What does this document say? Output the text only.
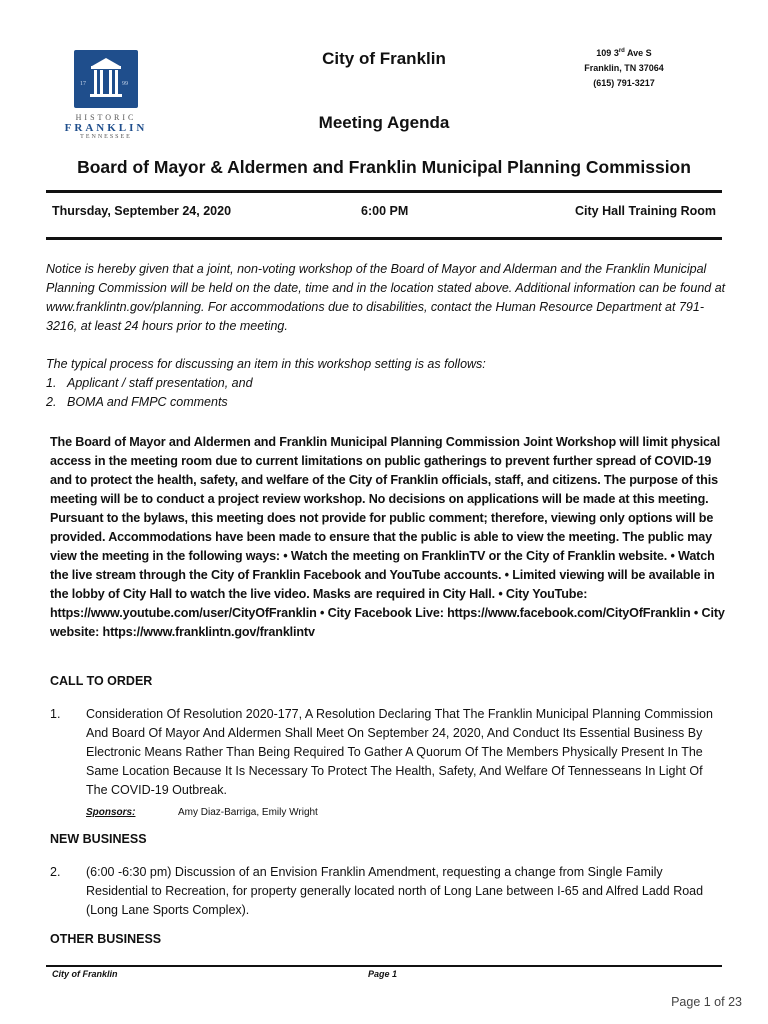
17	99
HISTORIC
FRANKLIN
TENNESSEE
City of Franklin
Meeting Agenda
109 3rd Ave S
Franklin, TN 37064
(615) 791-3217
Board of Mayor & Aldermen and Franklin Municipal Planning Commission
Thursday, September 24, 2020	6:00 PM	City Hall Training Room
Notice is hereby given that a joint, non-voting workshop of the Board of Mayor and Alderman and the Franklin Municipal Planning Commission will be held on the date, time and in the location stated above. Additional information can be found at www.franklintn.gov/planning. For accommodations due to disabilities, contact the Human Resource Department at 791-3216, at least 24 hours prior to the meeting.
The typical process for discussing an item in this workshop setting is as follows:
1. Applicant / staff presentation, and
2. BOMA and FMPC comments
The Board of Mayor and Aldermen and Franklin Municipal Planning Commission Joint Workshop will limit physical access in the meeting room due to current limitations on public gatherings to prevent further spread of COVID-19 and to protect the health, safety, and welfare of the City of Franklin officials, staff, and citizens. The purpose of this meeting will be to conduct a project review workshop. No decisions on applications will be made at this meeting. Pursuant to the bylaws, this meeting does not provide for public comment; therefore, viewing only options will be provided. Accommodations have been made to ensure that the public is able to view the meeting. The public may view the meeting in the following ways: • Watch the meeting on FranklinTV or the City of Franklin website. • Watch the live stream through the City of Franklin Facebook and YouTube accounts. • Limited viewing will be available in the lobby of City Hall to watch the live video. Masks are required in City Hall. • City YouTube: https://www.youtube.com/user/CityOfFranklin • City Facebook Live: https://www.facebook.com/CityOfFranklin • City website: https://www.franklintn.gov/franklintv
CALL TO ORDER
1. Consideration Of Resolution 2020-177, A Resolution Declaring That The Franklin Municipal Planning Commission And Board Of Mayor And Aldermen Shall Meet On September 24, 2020, And Conduct Its Essential Business By Electronic Means Rather Than Being Required To Gather A Quorum Of The Members Physically Present In The Same Location Because It Is Necessary To Protect The Health, Safety, And Welfare Of Tennesseans In Light Of The COVID-19 Outbreak.
Sponsors:	Amy Diaz-Barriga, Emily Wright
NEW BUSINESS
2. (6:00 -6:30 pm) Discussion of an Envision Franklin Amendment, requesting a change from Single Family Residential to Recreation, for property generally located north of Long Lane between I-65 and Alfred Ladd Road (Long Lane Sports Complex).
OTHER BUSINESS
City of Franklin	Page 1
Page 1 of 23
